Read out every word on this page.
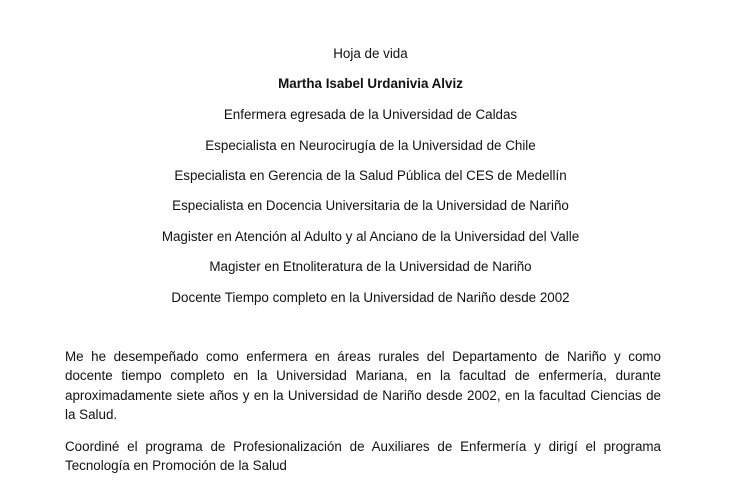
Hoja de vida
Martha Isabel Urdanivia Alviz
Enfermera egresada de la Universidad de Caldas
Especialista en Neurocirugía de la Universidad de Chile
Especialista en Gerencia de la Salud Pública del CES de Medellín
Especialista en Docencia Universitaria de la Universidad de Nariño
Magister en Atención al Adulto y al Anciano de la Universidad del Valle
Magister en Etnoliteratura de la Universidad de Nariño
Docente Tiempo completo en la Universidad de Nariño desde 2002
Me he desempeñado como enfermera en áreas rurales del Departamento de Nariño y como docente tiempo completo en la Universidad Mariana, en la facultad de enfermería, durante aproximadamente siete años y en la Universidad de Nariño desde 2002, en la facultad Ciencias de la Salud.
Coordiné el programa de Profesionalización de Auxiliares de Enfermería y dirigí el programa Tecnología en Promoción de la Salud
